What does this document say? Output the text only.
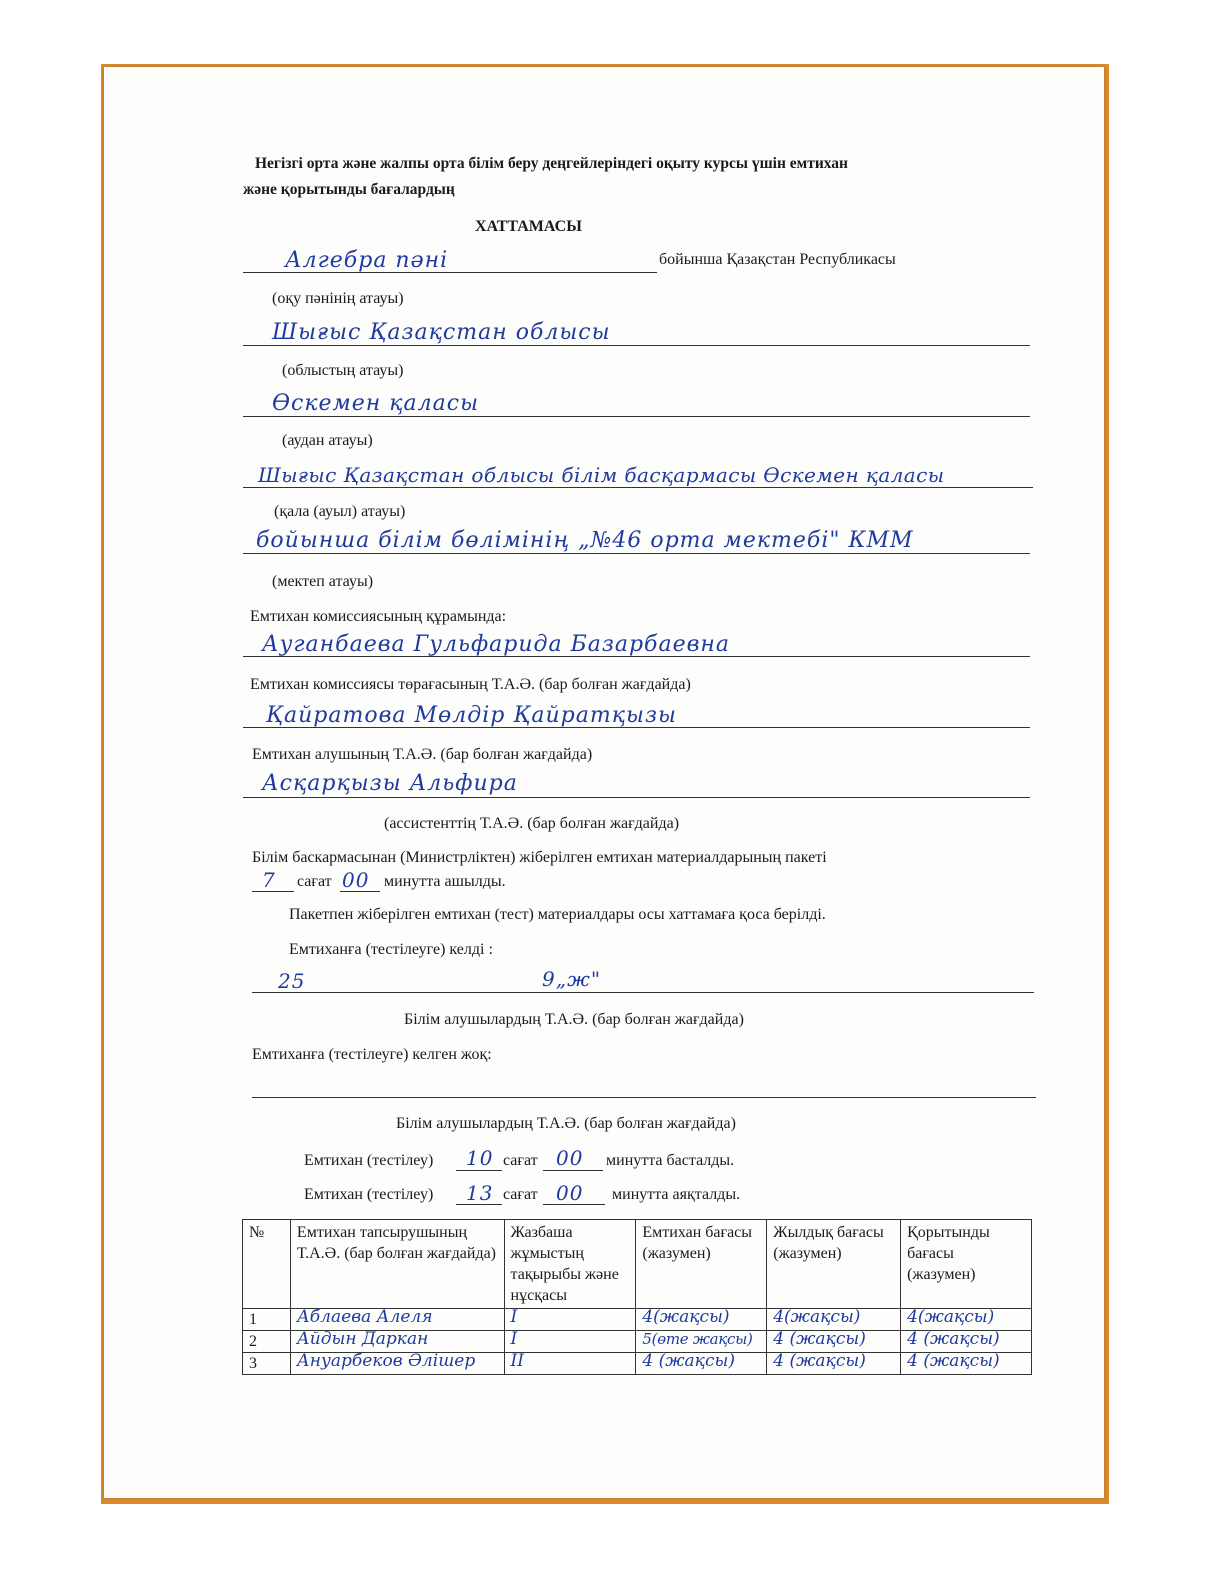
Негізгі орта және жалпы орта білім беру деңгейлеріндегі оқыту курсы үшін емтихан
және қорытынды бағалардың
ХАТТАМАСЫ
Алгебра пәні	бойынша Қазақстан Республикасы
(оқу пәнінің атауы)
Шығыс Қазақстан облысы
(облыстың атауы)
Өскемен қаласы
(аудан атауы)
Шығыс Қазақстан облысы білім басқармасы Өскемен қаласы
(қала (ауыл) атауы)
бойынша білім бөлімінің „№46 орта мектебі" КММ
(мектеп атауы)
Емтихан комиссиясының құрамында:
Ауганбаева Гульфарида Базарбаевна
Емтихан комиссиясы төрағасының Т.А.Ә. (бар болған жағдайда)
Қайратова Мөлдір Қайратқызы
Емтихан алушының Т.А.Ә. (бар болған жағдайда)
Асқарқызы Альфира
(ассистенттің Т.А.Ә. (бар болған жағдайда)
Білім баскармасынан (Министрліктен) жіберілген емтихан материалдарының пакеті
7 сағат 00 минутта ашылды.
Пакетпен жіберілген емтихан (тест) материалдары осы хаттамаға қоса берілді.
Емтиханға (тестілеуге) келді :
25	9„ж"
Білім алушылардың Т.А.Ә. (бар болған жағдайда)
Емтиханға (тестілеуге) келген жоқ:
Білім алушылардың Т.А.Ә. (бар болған жағдайда)
Емтихан (тестілеу) 10 сағат 00 минутта басталды.
Емтихан (тестілеу) 13 сағат 00 минутта аяқталды.
№	Емтихан тапсырушының Т.А.Ә. (бар болған жағдайда)	Жазбаша жұмыстың тақырыбы және нұсқасы	Емтихан бағасы (жазумен)	Жылдық бағасы (жазумен)	Қорытынды бағасы (жазумен)
1	Аблаева Алеля	I	4(жақсы)	4(жақсы)	4(жақсы)
2	Айдын Даркан	I	5(өте жақсы)	4 (жақсы)	4 (жақсы)
3	Ануарбеков Әлішер	II	4 (жақсы)	4 (жақсы)	4 (жақсы)
